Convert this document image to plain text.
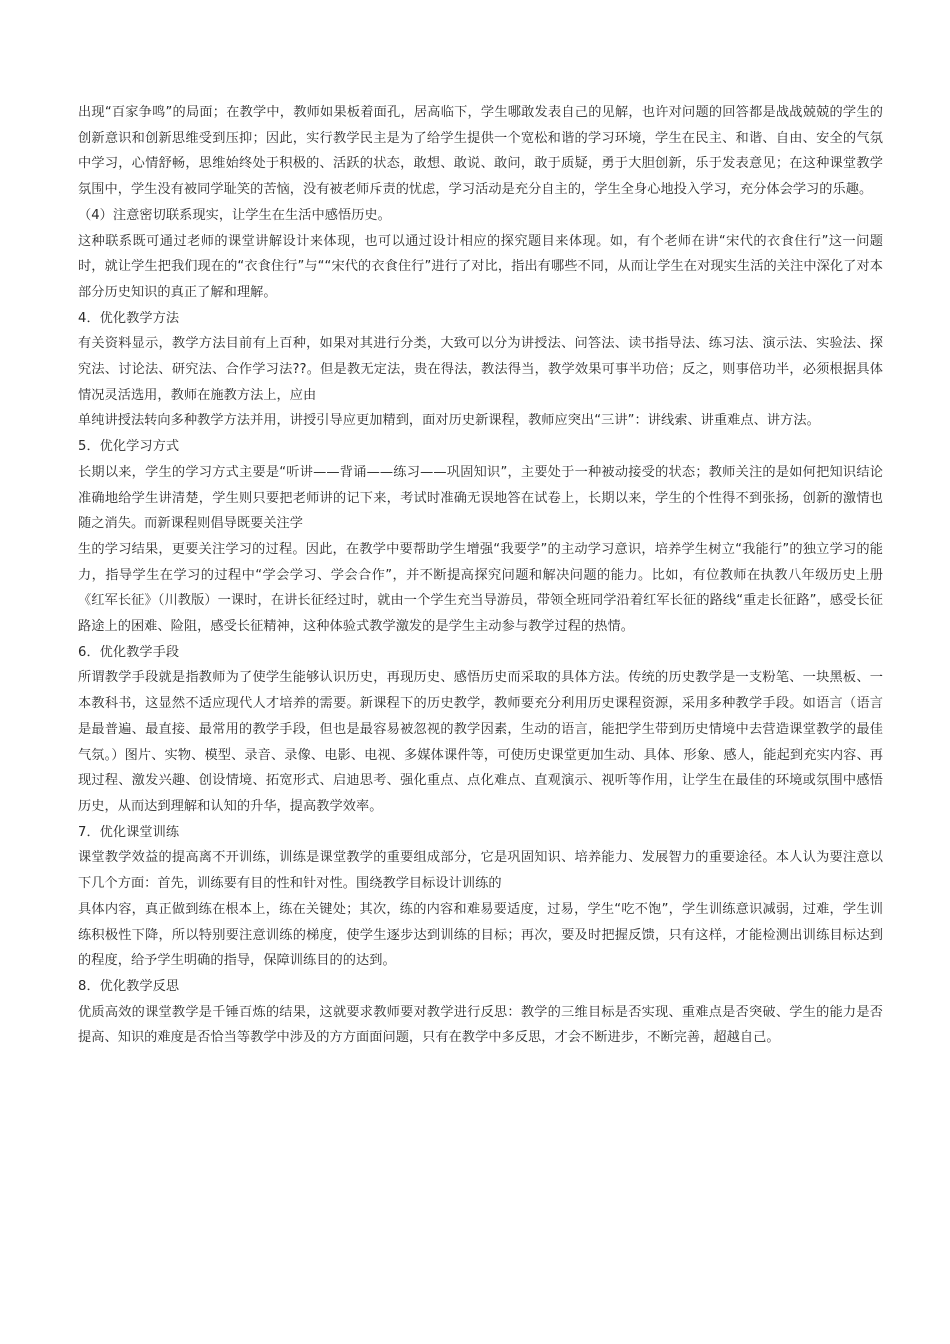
出现“百家争鸣”的局面；在教学中，教师如果板着面孔，居高临下，学生哪敢发表自己的见解，也许对问题的回答都是战战兢兢的学生的创新意识和创新思维受到压抑；因此，实行教学民主是为了给学生提供一个宽松和谐的学习环境，学生在民主、和谐、自由、安全的气氛中学习，心情舒畅，思维始终处于积极的、活跃的状态，敢想、敢说、敢问，敢于质疑，勇于大胆创新，乐于发表意见；在这种课堂教学氛围中，学生没有被同学耻笑的苦恼，没有被老师斥责的忧虑，学习活动是充分自主的，学生全身心地投入学习，充分体会学习的乐趣。

（4）注意密切联系现实，让学生在生活中感悟历史。

这种联系既可通过老师的课堂讲解设计来体现，也可以通过设计相应的探究题目来体现。如，有个老师在讲“宋代的衣食住行”这一问题时，就让学生把我们现在的“衣食住行”与““宋代的衣食住行”进行了对比，指出有哪些不同，从而让学生在对现实生活的关注中深化了对本部分历史知识的真正了解和理解。

4．优化教学方法

有关资料显示，教学方法目前有上百种，如果对其进行分类，大致可以分为讲授法、问答法、读书指导法、练习法、演示法、实验法、探究法、讨论法、研究法、合作学习法??。但是教无定法，贵在得法，教法得当，教学效果可事半功倍；反之，则事倍功半，必须根据具体情况灵活选用，教师在施教方法上，应由

单纯讲授法转向多种教学方法并用，讲授引导应更加精到，面对历史新课程，教师应突出“三讲”：讲线索、讲重难点、讲方法。

5．优化学习方式

长期以来，学生的学习方式主要是“听讲——背诵——练习——巩固知识”，主要处于一种被动接受的状态；教师关注的是如何把知识结论准确地给学生讲清楚，学生则只要把老师讲的记下来，考试时准确无误地答在试卷上，长期以来，学生的个性得不到张扬，创新的激情也随之消失。而新课程则倡导既要关注学

生的学习结果，更要关注学习的过程。因此，在教学中要帮助学生增强“我要学”的主动学习意识，培养学生树立“我能行”的独立学习的能力，指导学生在学习的过程中“学会学习、学会合作”，并不断提高探究问题和解决问题的能力。比如，有位教师在执教八年级历史上册《红军长征》（川教版）一课时，在讲长征经过时，就由一个学生充当导游员，带领全班同学沿着红军长征的路线“重走长征路”，感受长征路途上的困难、险阻，感受长征精神，这种体验式教学激发的是学生主动参与教学过程的热情。

6．优化教学手段

所谓教学手段就是指教师为了使学生能够认识历史，再现历史、感悟历史而采取的具体方法。传统的历史教学是一支粉笔、一块黑板、一本教科书，这显然不适应现代人才培养的需要。新课程下的历史教学，教师要充分利用历史课程资源，采用多种教学手段。如语言（语言是最普遍、最直接、最常用的教学手段，但也是最容易被忽视的教学因素，生动的语言，能把学生带到历史情境中去营造课堂教学的最佳气氛。）图片、实物、模型、录音、录像、电影、电视、多媒体课件等，可使历史课堂更加生动、具体、形象、感人，能起到充实内容、再现过程、激发兴趣、创设情境、拓宽形式、启迪思考、强化重点、点化难点、直观演示、视听等作用，让学生在最佳的环境或氛围中感悟历史，从而达到理解和认知的升华，提高教学效率。

7．优化课堂训练

课堂教学效益的提高离不开训练，训练是课堂教学的重要组成部分，它是巩固知识、培养能力、发展智力的重要途径。本人认为要注意以下几个方面：首先，训练要有目的性和针对性。围绕教学目标设计训练的

具体内容，真正做到练在根本上，练在关键处；其次，练的内容和难易要适度，过易，学生“吃不饱”，学生训练意识减弱，过难，学生训练积极性下降，所以特别要注意训练的梯度，使学生逐步达到训练的目标；再次，要及时把握反馈，只有这样，才能检测出训练目标达到的程度，给予学生明确的指导，保障训练目的的达到。

8．优化教学反思

优质高效的课堂教学是千锤百炼的结果，这就要求教师要对教学进行反思：教学的三维目标是否实现、重难点是否突破、学生的能力是否提高、知识的难度是否恰当等教学中涉及的方方面面问题，只有在教学中多反思，才会不断进步，不断完善，超越自己。
